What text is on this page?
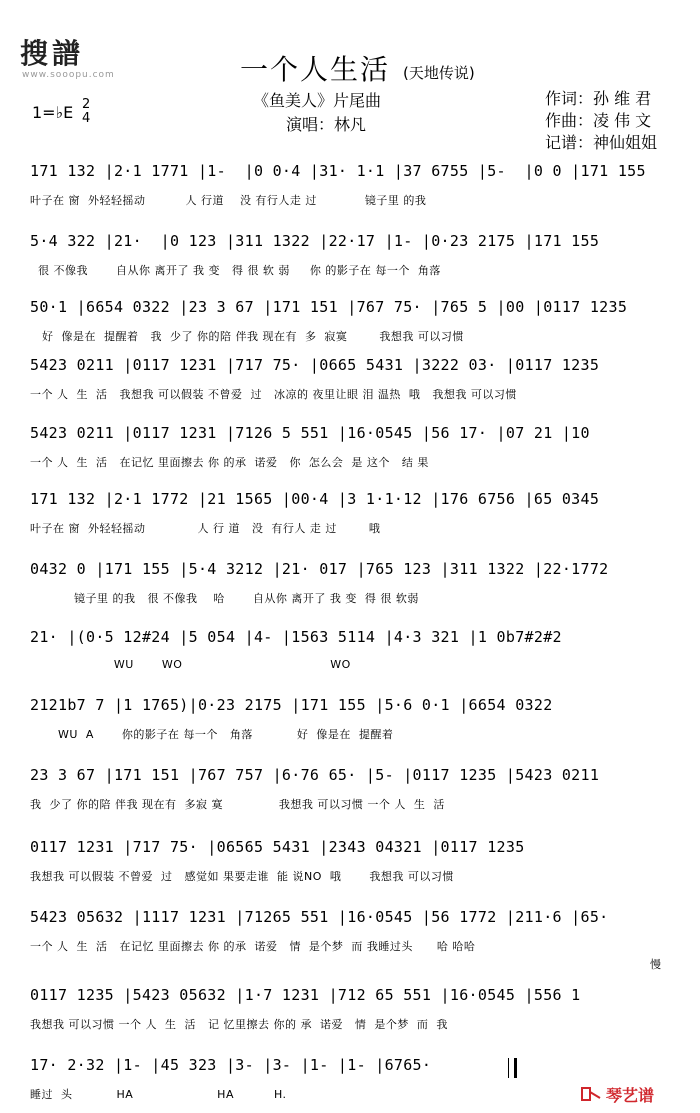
搜譜
www.sooopu.com	一个人生活 (天地传说)
《鱼美人》片尾曲
演唱：林凡
1=♭E 2
4
作词：孙 维 君
作曲：凌 伟 文
记谱：神仙姐姐
171 132 |2·1 1771 |1-  |0 0·4 |31· 1·1 |37 6755 |5-  |0 0 |171 155
叶子在 窗  外轻轻摇动          人 行道    没 有行人走 过            镜子里 的我
5·4 322 |21·  |0 123 |311 1322 |22·17 |1- |0·23 2175 |171 155
很 不像我       自从你 离开了 我 变   得 很 软 弱     你 的影子在 每一个  角落
50·1 |6654 0322 |23 3 67 |171 151 |767 75· |765 5 |00 |0117 1235
好  像是在  提醒着   我  少了 你的陪 伴我 现在有  多  寂寞        我想我 可以习惯
5423 0211 |0117 1231 |717 75· |0665 5431 |3222 03· |0117 1235
一个 人  生  活   我想我 可以假装 不曾爱  过   冰凉的 夜里让眼 泪 温热  哦   我想我 可以习惯
5423 0211 |0117 1231 |7126 5 551 |16·0545 |56 17· |07 21 |10
一个 人  生  活   在记忆 里面擦去 你 的承  诺爱   你  怎么会  是 这个   结 果
171 132 |2·1 1772 |21 1565 |00·4 |3 1·1·12 |176 6756 |65 0345
叶子在 窗  外轻轻摇动             人 行 道   没  有行人 走 过        哦
0432 0 |171 155 |5·4 3212 |21· 017 |765 123 |311 1322 |22·1772
镜子里 的我   很 不像我    哈       自从你 离开了 我 变  得 很 软弱
21· |(0·5 12#24 |5 054 |4- |1563 5114 |4·3 321 |1 0b7#2#2
WU       WO                                     WO
2121b7 7 |1 1765)|0·23 2175 |171 155 |5·6 0·1 |6654 0322
WU  A       你的影子在 每一个   角落           好  像是在  提醒着
23 3 67 |171 151 |767 757 |6·76 65· |5- |0117 1235 |5423 0211
我  少了 你的陪 伴我 现在有  多寂 寞              我想我 可以习惯 一个 人  生  活
0117 1231 |717 75· |06565 5431 |2343 04321 |0117 1235
我想我 可以假装 不曾爱  过   感觉如 果要走谁  能 说NO  哦       我想我 可以习惯
5423 05632 |1117 1231 |71265 551 |16·0545 |56 1772 |211·6 |65·
一个 人  生  活   在记忆 里面擦去 你 的承  诺爱   情  是个梦  而 我睡过头      哈 哈哈
慢
0117 1235 |5423 05632 |1·7 1231 |712 65 551 |16·0545 |556 1
我想我 可以习惯 一个 人  生  活   记 忆里擦去 你的 承  诺爱   情  是个梦  而  我
17· 2·32 |1- |45 323 |3- |3- |1- |1- |6765·
睡过  头           HA                     HA          H.	琴艺谱
